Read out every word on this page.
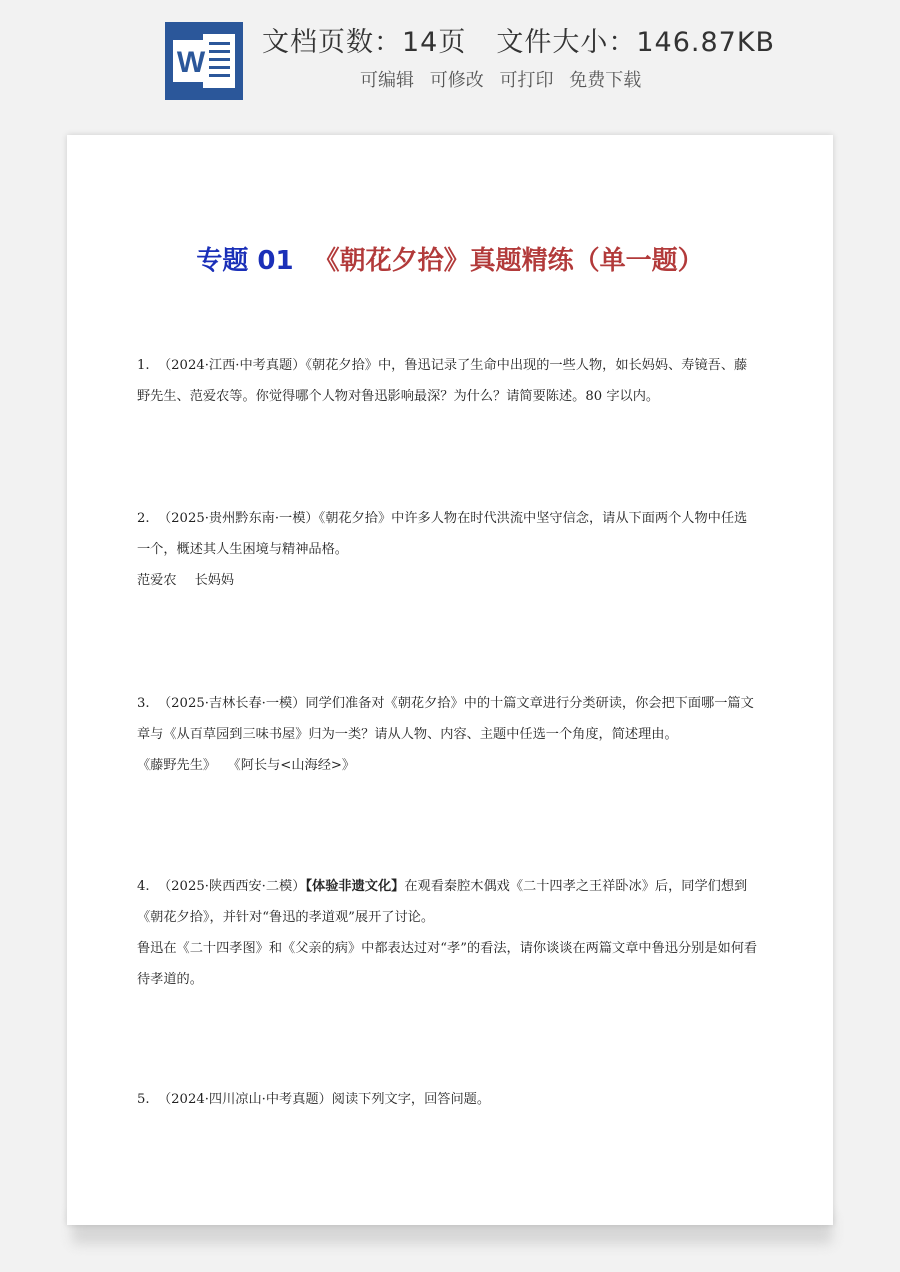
W
文档页数：14页 文件大小：146.87KB
可编辑 可修改 可打印 免费下载
专题 01 《朝花夕拾》真题精练（单一题）

1. （2024·江西·中考真题）《朝花夕拾》中，鲁迅记录了生命中出现的一些人物，如长妈妈、寿镜吾、藤

野先生、范爱农等。你觉得哪个人物对鲁迅影响最深？为什么？请简要陈述。80 字以内。

2. （2025·贵州黔东南·一模）《朝花夕拾》中许多人物在时代洪流中坚守信念，请从下面两个人物中任选

一个，概述其人生困境与精神品格。

范爱农 长妈妈

3. （2025·吉林长春·一模）同学们准备对《朝花夕拾》中的十篇文章进行分类研读，你会把下面哪一篇文

章与《从百草园到三味书屋》归为一类？请从人物、内容、主题中任选一个角度，简述理由。

《藤野先生》 《阿长与<山海经>》

4. （2025·陕西西安·二模）【体验非遗文化】在观看秦腔木偶戏《二十四孝之王祥卧冰》后，同学们想到

《朝花夕拾》，并针对“鲁迅的孝道观”展开了讨论。

鲁迅在《二十四孝图》和《父亲的病》中都表达过对“孝”的看法，请你谈谈在两篇文章中鲁迅分别是如何看

待孝道的。

5. （2024·四川凉山·中考真题）阅读下列文字，回答问题。
